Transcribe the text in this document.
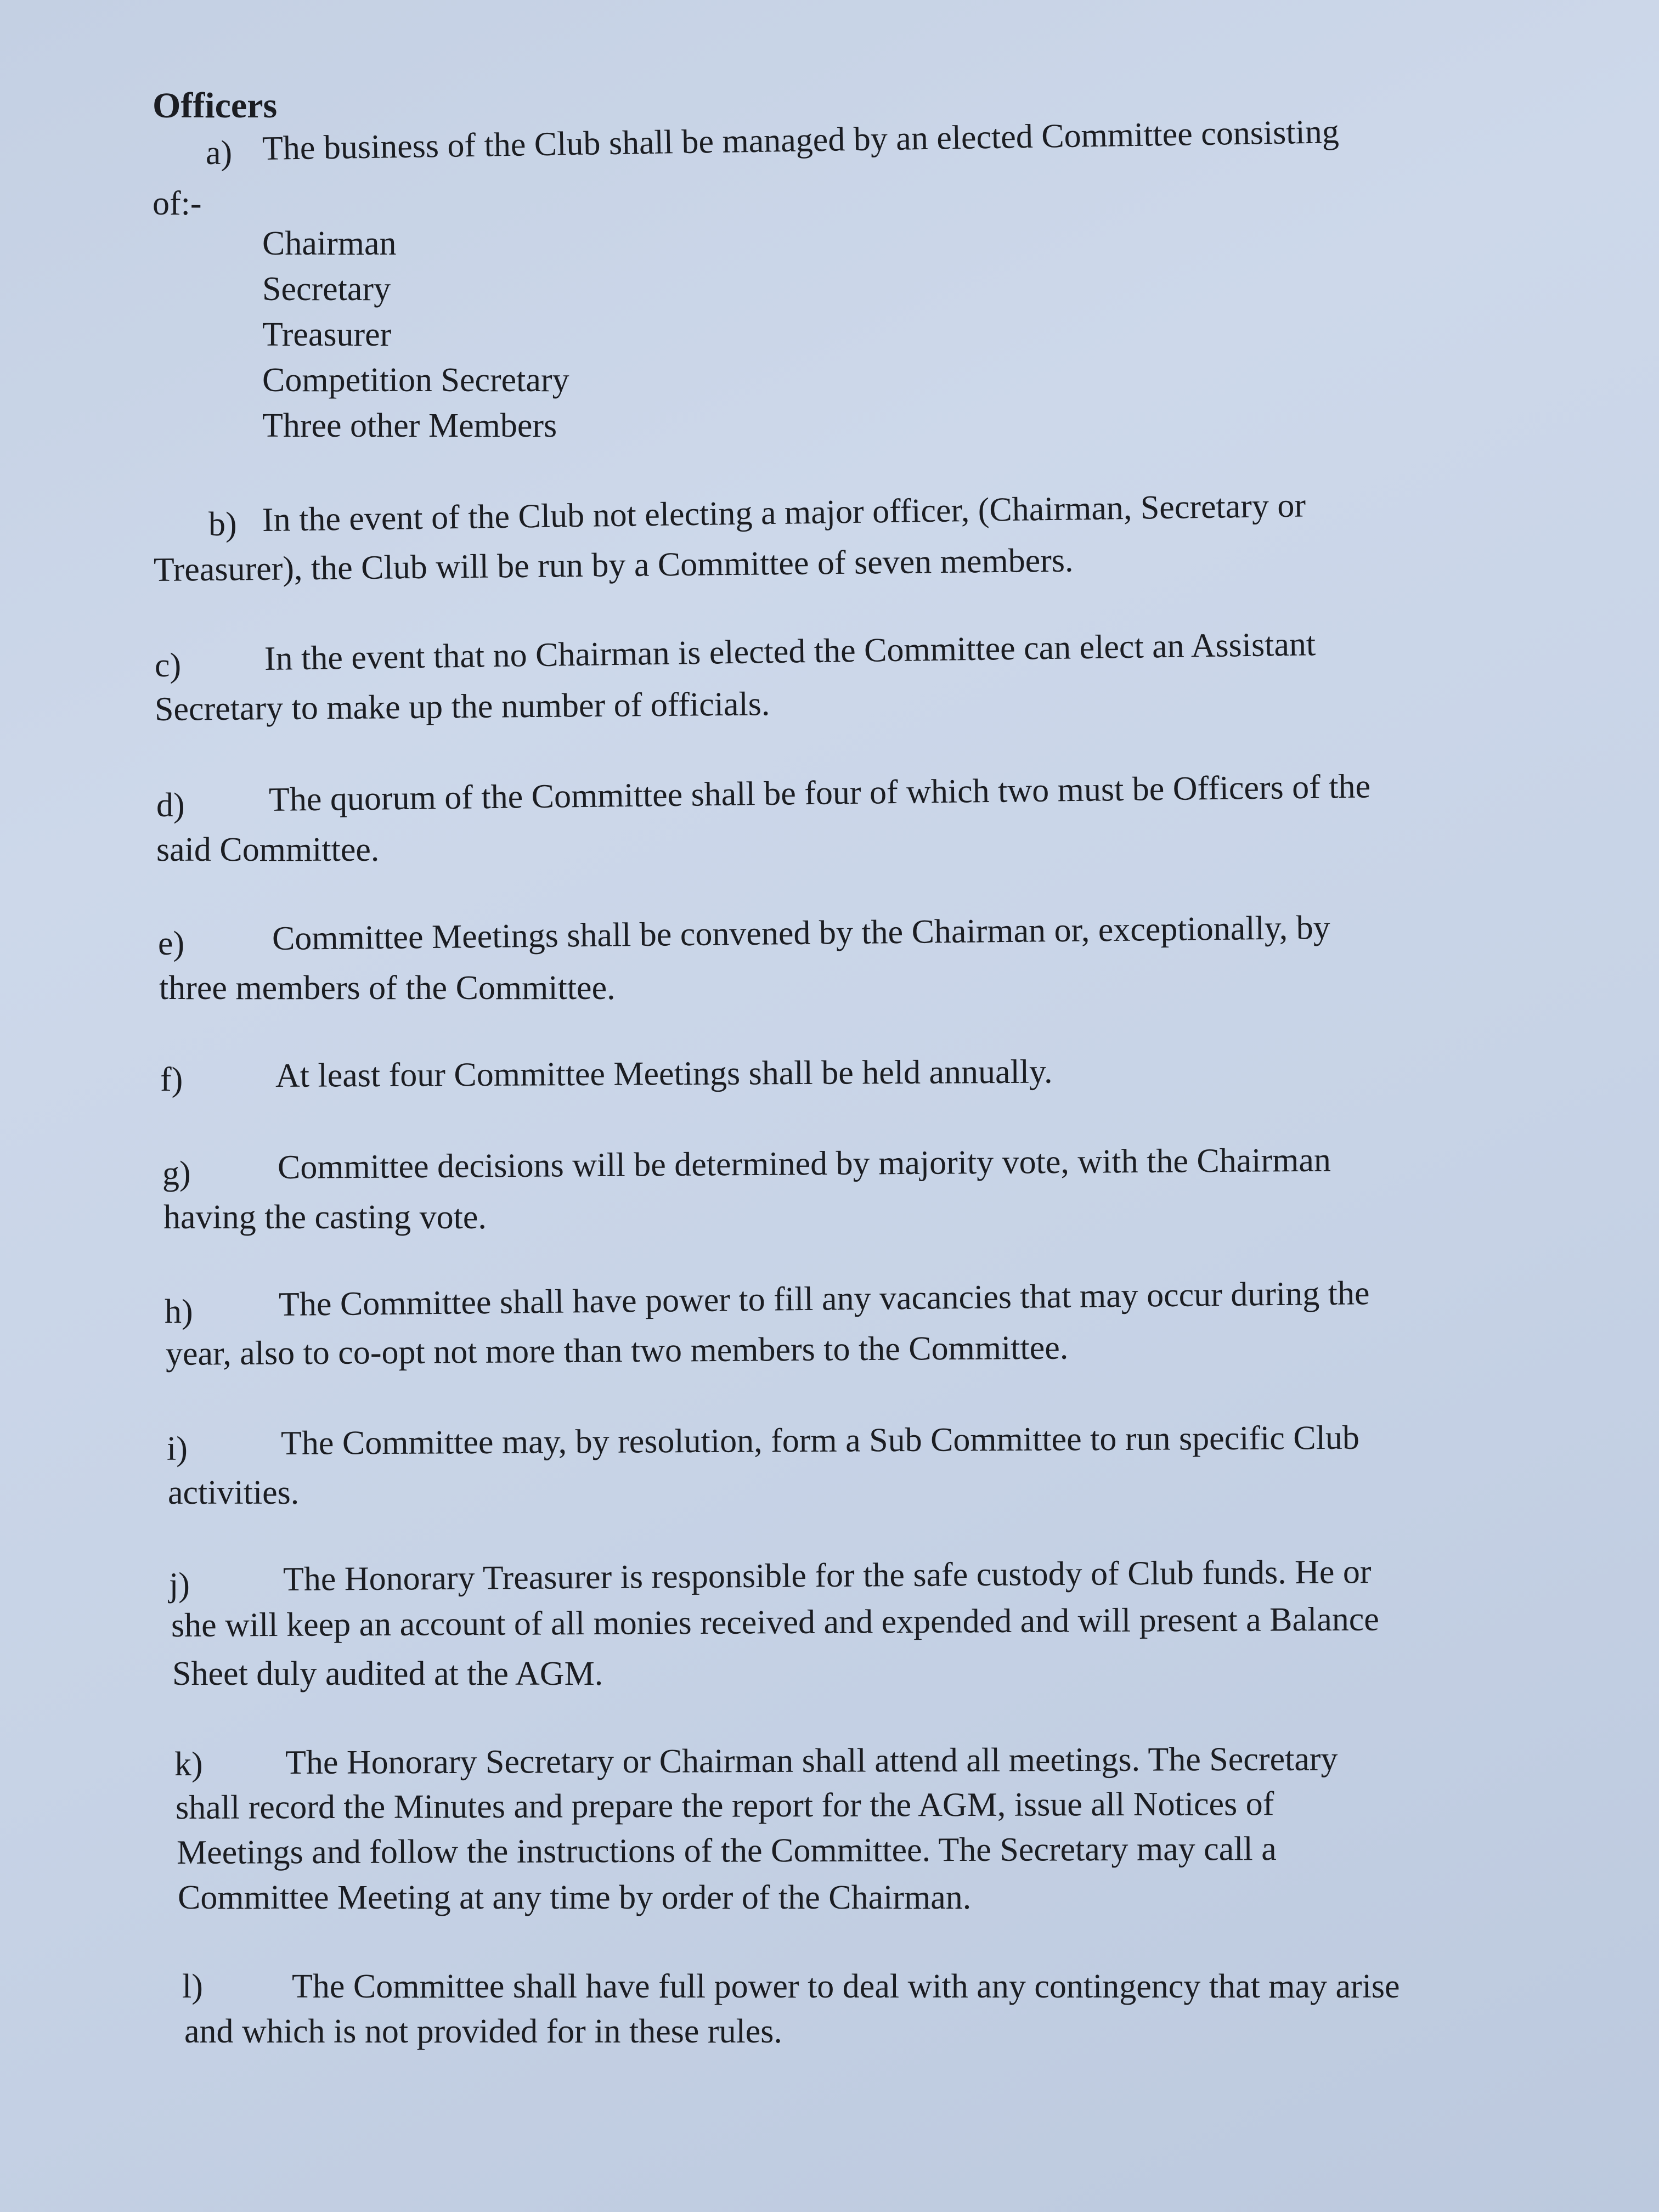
Officers
a) The business of the Club shall be managed by an elected Committee consisting
of:-
Chairman
Secretary
Treasurer
Competition Secretary
Three other Members
b) In the event of the Club not electing a major officer, (Chairman, Secretary or
Treasurer), the Club will be run by a Committee of seven members.
c) In the event that no Chairman is elected the Committee can elect an Assistant
Secretary to make up the number of officials.
d) The quorum of the Committee shall be four of which two must be Officers of the
said Committee.
e)	Committee Meetings shall be convened by the Chairman or, exceptionally, by
three members of the Committee.
f)	At least four Committee Meetings shall be held annually.
g)	Committee decisions will be determined by majority vote, with the Chairman
having the casting vote.
h)	The Committee shall have power to fill any vacancies that may occur during the
year, also to co-opt not more than two members to the Committee.
i)	The Committee may, by resolution, form a Sub Committee to run specific Club
activities.
j)	The Honorary Treasurer is responsible for the safe custody of Club funds. He or
she will keep an account of all monies received and expended and will present a Balance
Sheet duly audited at the AGM.
k) The Honorary Secretary or Chairman shall attend all meetings. The Secretary
shall record the Minutes and prepare the report for the AGM, issue all Notices of
Meetings and follow the instructions of the Committee. The Secretary may call a
Committee Meeting at any time by order of the Chairman.
l)	The Committee shall have full power to deal with any contingency that may arise
and which is not provided for in these rules.
